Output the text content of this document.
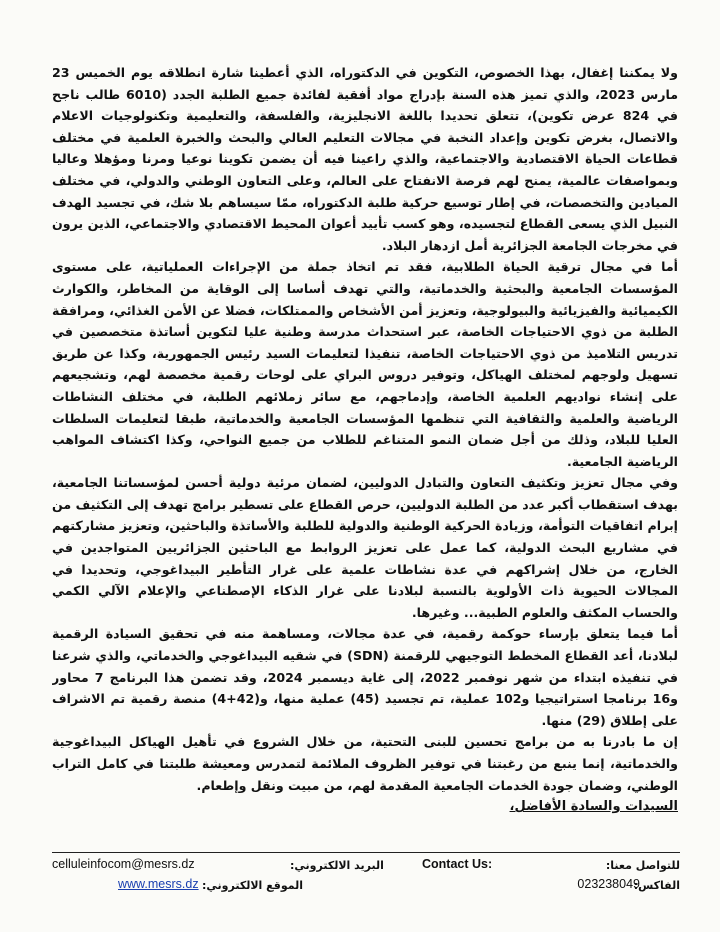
ولا يمكننا إغفال، بهذا الخصوص، التكوين في الدكتوراه، الذي أعطينا شارة انطلاقه يوم الخميس 23 مارس 2023، والذي تميز هذه السنة بإدراج مواد أفقية لفائدة جميع الطلبة الجدد (6010 طالب ناجح في 824 عرض تكوين)، تتعلق تحديدا باللغة الانجليزية، والفلسفة، والتعليمية وتكنولوجيات الاعلام والاتصال، بغرض تكوين وإعداد النخبة في مجالات التعليم العالي والبحث والخبرة العلمية في مختلف قطاعات الحياة الاقتصادية والاجتماعية، والذي راعينا فيه أن يضمن تكوينا نوعيا ومرنا ومؤهلا وعاليا وبمواصفات عالمية، يمنح لهم فرصة الانفتاح على العالم، وعلى التعاون الوطني والدولي، في مختلف الميادين والتخصصات، في إطار توسيع حركية طلبة الدكتوراه، ممّا سيساهم بلا شك، في تجسيد الهدف النبيل الذي يسعى القطاع لتجسيده، وهو كسب تأييد أعوان المحيط الاقتصادي والاجتماعي، الذين يرون في مخرجات الجامعة الجزائرية أمل ازدهار البلاد.

أما في مجال ترقية الحياة الطلابية، فقد تم اتخاذ جملة من الإجراءات العملياتية، على مستوى المؤسسات الجامعية والبحثية والخدماتية، والتي تهدف أساسا إلى الوقاية من المخاطر، والكوارث الكيميائية والفيزيائية والبيولوجية، وتعزيز أمن الأشخاص والممتلكات، فضلا عن الأمن الغذائي، ومرافقة الطلبة من ذوي الاحتياجات الخاصة، عبر استحداث مدرسة وطنية عليا لتكوين أساتذة متخصصين في تدريس التلاميذ من ذوي الاحتياجات الخاصة، تنفيذا لتعليمات السيد رئيس الجمهورية، وكذا عن طريق تسهيل ولوجهم لمختلف الهياكل، وتوفير دروس البراي على لوحات رقمية مخصصة لهم، وتشجيعهم على إنشاء نواديهم العلمية الخاصة، وإدماجهم، مع سائر زملائهم الطلبة، في مختلف النشاطات الرياضية والعلمية والثقافية التي تنظمها المؤسسات الجامعية والخدماتية، طبقا لتعليمات السلطات العليا للبلاد، وذلك من أجل ضمان النمو المتناغم للطلاب من جميع النواحي، وكذا اكتشاف المواهب الرياضية الجامعية.

وفي مجال تعزيز وتكثيف التعاون والتبادل الدوليين، لضمان مرئية دولية أحسن لمؤسساتنا الجامعية، بهدف استقطاب أكبر عدد من الطلبة الدوليين، حرص القطاع على تسطير برامج تهدف إلى التكثيف من إبرام اتفاقيات التوأمة، وزيادة الحركية الوطنية والدولية للطلبة والأساتذة والباحثين، وتعزيز مشاركتهم في مشاريع البحث الدولية، كما عمل على تعزيز الروابط مع الباحثين الجزائريين المتواجدين في الخارج، من خلال إشراكهم في عدة نشاطات علمية على غرار التأطير البيداغوجي، وتحديدا في المجالات الحيوية ذات الأولوية بالنسبة لبلادنا على غرار الذكاء الإصطناعي والإعلام الآلي الكمي والحساب المكثف والعلوم الطبية... وغيرها.

أما فيما يتعلق بإرساء حوكمة رقمية، في عدة مجالات، ومساهمة منه في تحقيق السيادة الرقمية لبلادنا، أعد القطاع المخطط التوجيهي للرقمنة (SDN) في شقيه البيداغوجي والخدماتي، والذي شرعنا في تنفيذه ابتداء من شهر نوفمبر 2022، إلى غاية ديسمبر 2024، وقد تضمن هذا البرنامج 7 محاور و16 برنامجا استراتيجيا و102 عملية، تم تجسيد (45) عملية منها، و(42+4) منصة رقمية تم الاشراف على إطلاق (29) منها.

إن ما بادرنا به من برامج تحسين للبنى التحتية، من خلال الشروع في تأهيل الهياكل البيداغوجية والخدماتية، إنما ينبع من رغبتنا في توفير الظروف الملائمة لتمدرس ومعيشة طلبتنا في كامل التراب الوطني، وضمان جودة الخدمات الجامعية المقدمة لهم، من مبيت ونقل وإطعام.

السيدات والسادة الأفاضل،

للتواصل معنا:
Contact Us:
البريد الالكتروني:
celluleinfocom@mesrs.dz
الفاكس:
023238049
الموقع الالكتروني:
www.mesrs.dz
